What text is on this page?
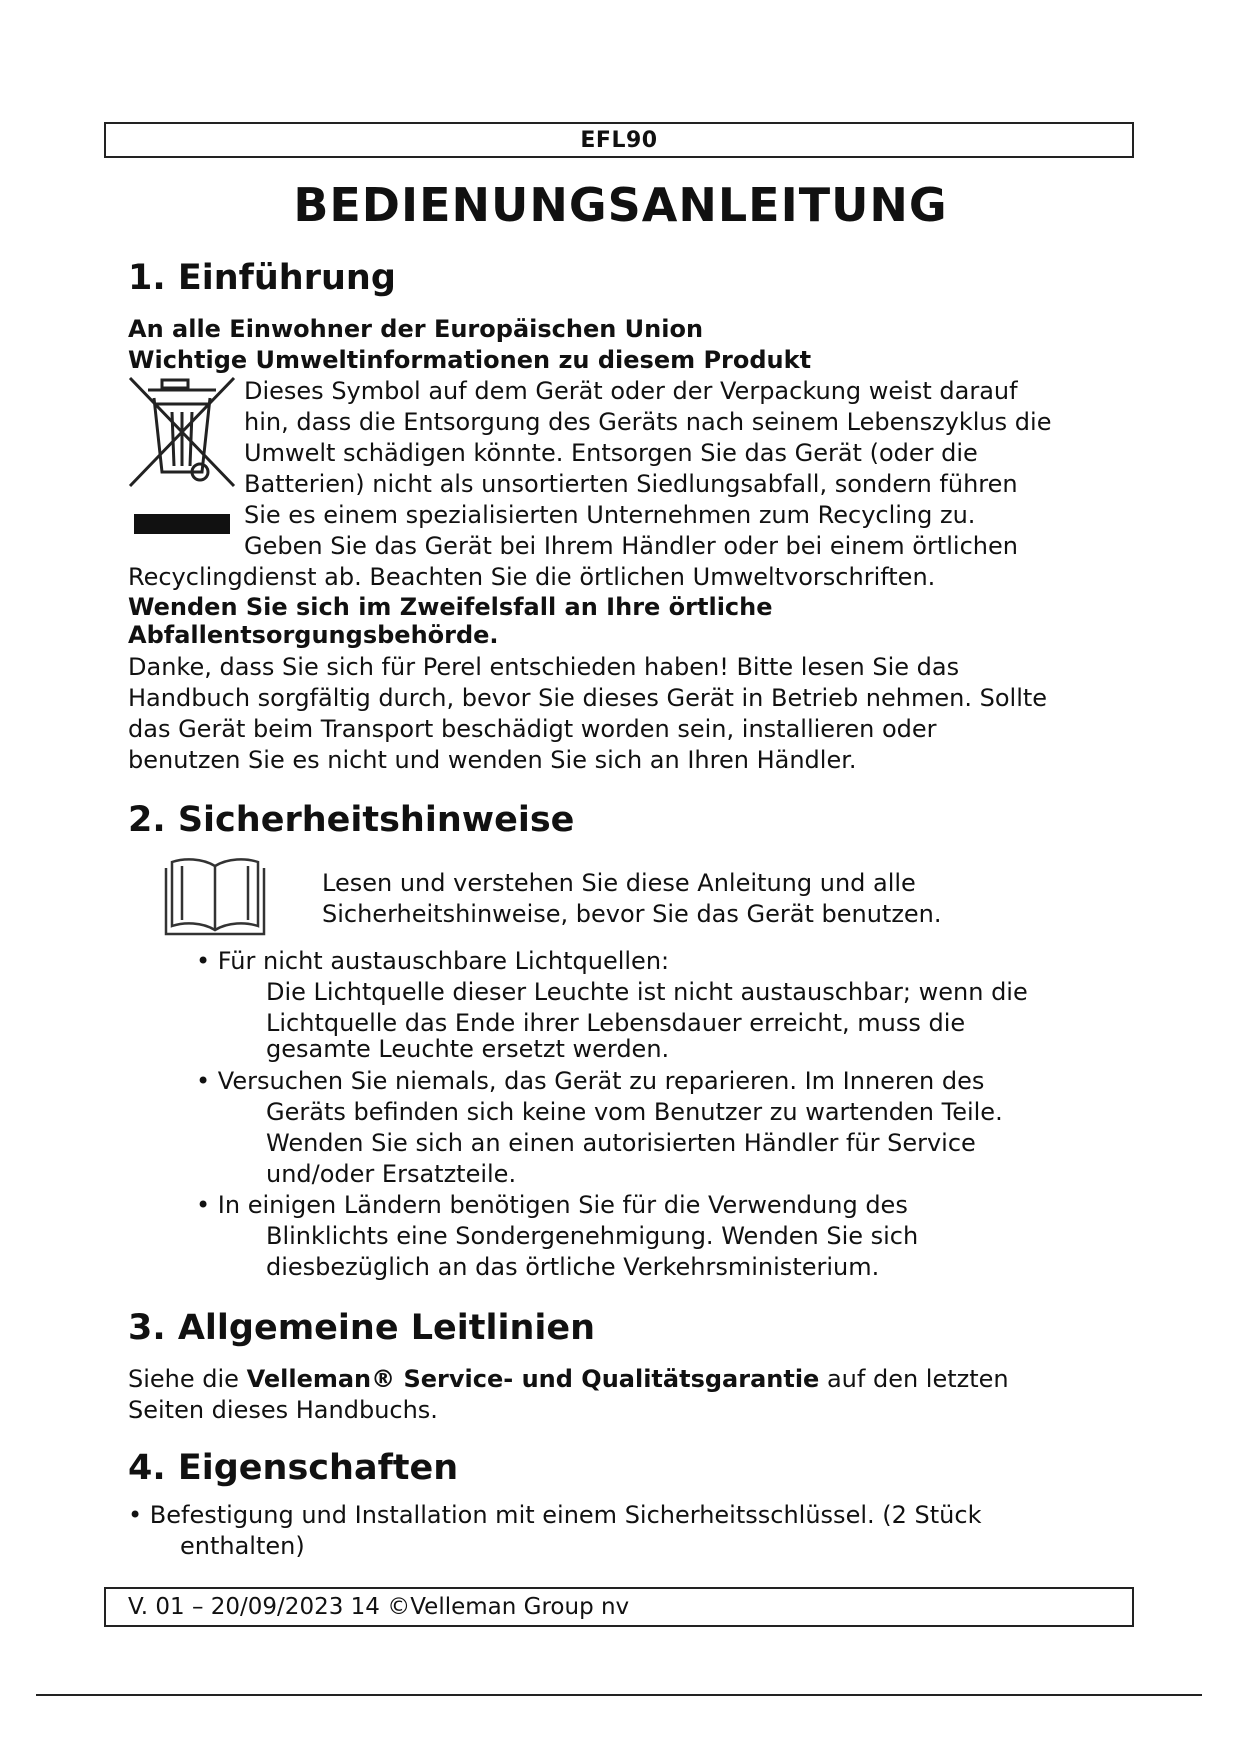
EFL90
BEDIENUNGSANLEITUNG
1. Einführung
An alle Einwohner der Europäischen Union
Wichtige Umweltinformationen zu diesem Produkt
Dieses Symbol auf dem Gerät oder der Verpackung weist darauf
hin, dass die Entsorgung des Geräts nach seinem Lebenszyklus die
Umwelt schädigen könnte. Entsorgen Sie das Gerät (oder die
Batterien) nicht als unsortierten Siedlungsabfall, sondern führen
Sie es einem spezialisierten Unternehmen zum Recycling zu.
Geben Sie das Gerät bei Ihrem Händler oder bei einem örtlichen
Recyclingdienst ab. Beachten Sie die örtlichen Umweltvorschriften.
Wenden Sie sich im Zweifelsfall an Ihre örtliche
Abfallentsorgungsbehörde.
Danke, dass Sie sich für Perel entschieden haben! Bitte lesen Sie das
Handbuch sorgfältig durch, bevor Sie dieses Gerät in Betrieb nehmen. Sollte
das Gerät beim Transport beschädigt worden sein, installieren oder
benutzen Sie es nicht und wenden Sie sich an Ihren Händler.
2. Sicherheitshinweise
Lesen und verstehen Sie diese Anleitung und alle
Sicherheitshinweise, bevor Sie das Gerät benutzen.
• Für nicht austauschbare Lichtquellen:
Die Lichtquelle dieser Leuchte ist nicht austauschbar; wenn die
Lichtquelle das Ende ihrer Lebensdauer erreicht, muss die
gesamte Leuchte ersetzt werden.
• Versuchen Sie niemals, das Gerät zu reparieren. Im Inneren des
Geräts befinden sich keine vom Benutzer zu wartenden Teile.
Wenden Sie sich an einen autorisierten Händler für Service
und/oder Ersatzteile.
• In einigen Ländern benötigen Sie für die Verwendung des
Blinklichts eine Sondergenehmigung. Wenden Sie sich
diesbezüglich an das örtliche Verkehrsministerium.
3. Allgemeine Leitlinien
Siehe die Velleman® Service- und Qualitätsgarantie auf den letzten
Seiten dieses Handbuchs.
4. Eigenschaften
• Befestigung und Installation mit einem Sicherheitsschlüssel. (2 Stück
enthalten)
V. 01 – 20/09/2023 14 ©Velleman Group nv
